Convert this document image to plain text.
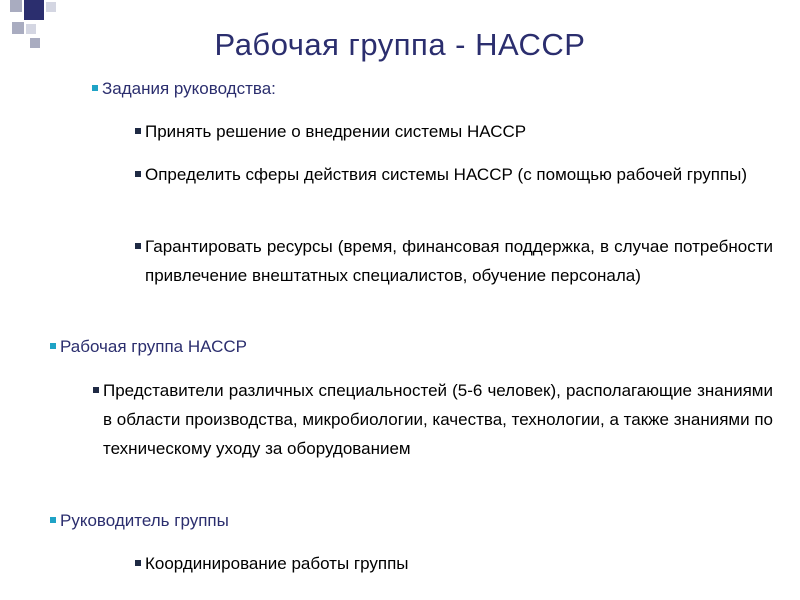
Рабочая группа - НАССР
Задания руководства:
Принять решение о внедрении системы НАССР
Определить сферы действия системы НАССР (с помощью рабочей группы)
Гарантировать ресурсы (время, финансовая поддержка, в случае потребности привлечение внештатных специалистов, обучение персонала)
Рабочая группа НАССР
Представители различных специальностей (5-6 человек), располагающие знаниями в области производства, микробиологии, качества, технологии, а также знаниями по техническому уходу за оборудованием
Руководитель группы
Координирование работы группы
